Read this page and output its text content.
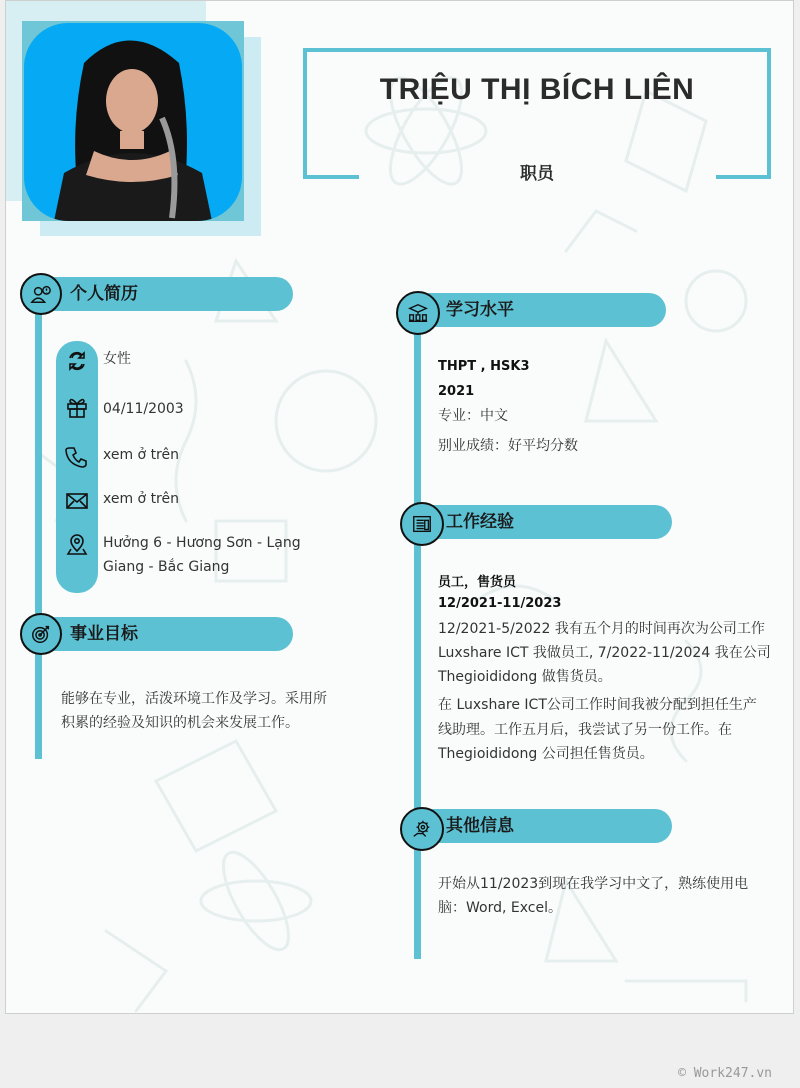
TRIỆU THỊ BÍCH LIÊN
职员
个人简历
女性
04/11/2003
xem ở trên
xem ở trên
Hưởng 6 - Hương Sơn - Lạng
Giang - Bắc Giang
事业目标
能够在专业，活泼环境工作及学习。采用所
积累的经验及知识的机会来发展工作。
学习水平
THPT , HSK3
2021
专业：中文
别业成绩：好平均分数
工作经验
员工，售货员
12/2021-11/2023
12/2021-5/2022 我有五个月的时间再次为公司工作
Luxshare ICT 我做员工, 7/2022-11/2024 我在公司
Thegioididong 做售货员。
在 Luxshare ICT公司工作时间我被分配到担任生产
线助理。工作五月后，我尝试了另一份工作。在
Thegioididong 公司担任售货员。
其他信息
开始从11/2023到现在我学习中文了，熟练使用电
脑：Word, Excel。
© Work247.vn
